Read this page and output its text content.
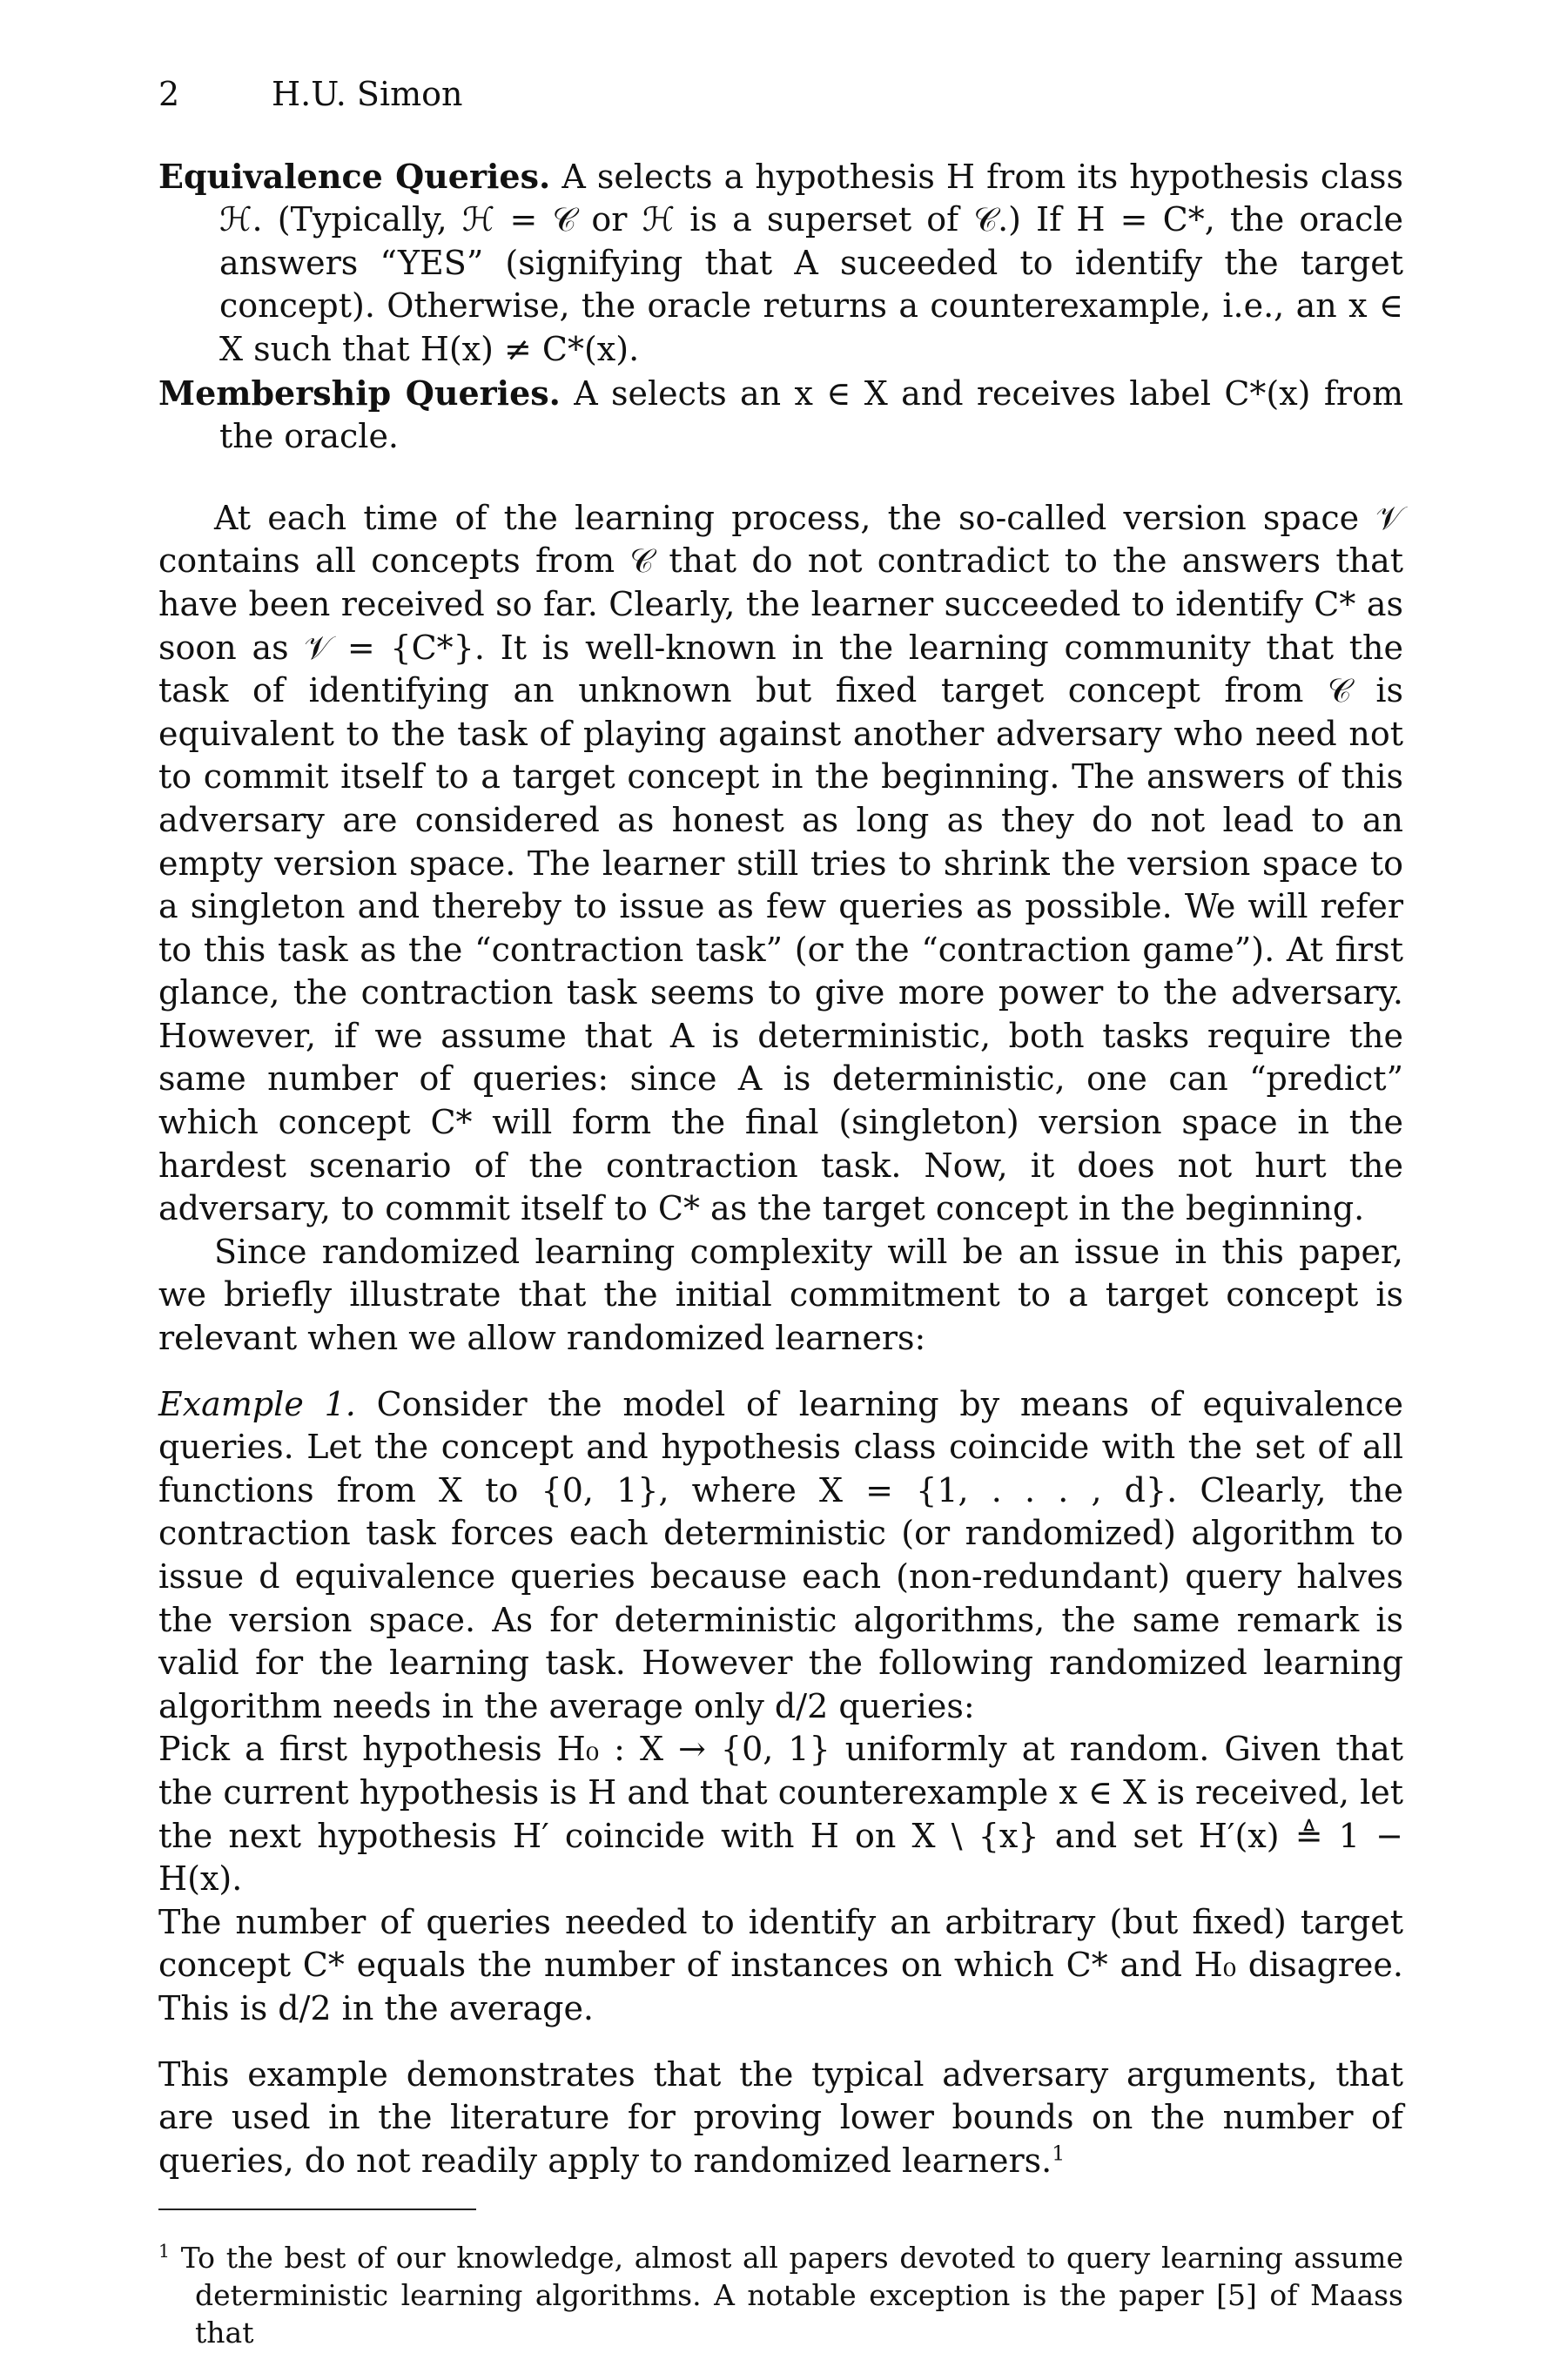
2	H.U. Simon

Equivalence Queries. A selects a hypothesis H from its hypothesis class ℋ. (Typically, ℋ = 𝒞 or ℋ is a superset of 𝒞.) If H = C*, the oracle answers “YES” (signifying that A suceeded to identify the target concept). Otherwise, the oracle returns a counterexample, i.e., an x ∈ X such that H(x) ≠ C*(x).

Membership Queries. A selects an x ∈ X and receives label C*(x) from the oracle.

At each time of the learning process, the so-called version space 𝒱 contains all concepts from 𝒞 that do not contradict to the answers that have been received so far. Clearly, the learner succeeded to identify C* as soon as 𝒱 = {C*}. It is well-known in the learning community that the task of identifying an unknown but fixed target concept from 𝒞 is equivalent to the task of playing against another adversary who need not to commit itself to a target concept in the beginning. The answers of this adversary are considered as honest as long as they do not lead to an empty version space. The learner still tries to shrink the version space to a singleton and thereby to issue as few queries as possible. We will refer to this task as the “contraction task” (or the “contraction game”). At first glance, the contraction task seems to give more power to the adversary. However, if we assume that A is deterministic, both tasks require the same number of queries: since A is deterministic, one can “predict” which concept C* will form the final (singleton) version space in the hardest scenario of the contraction task. Now, it does not hurt the adversary, to commit itself to C* as the target concept in the beginning.

Since randomized learning complexity will be an issue in this paper, we briefly illustrate that the initial commitment to a target concept is relevant when we allow randomized learners:

Example 1. Consider the model of learning by means of equivalence queries. Let the concept and hypothesis class coincide with the set of all functions from X to {0, 1}, where X = {1, . . . , d}. Clearly, the contraction task forces each deterministic (or randomized) algorithm to issue d equivalence queries because each (non-redundant) query halves the version space. As for deterministic algorithms, the same remark is valid for the learning task. However the following randomized learning algorithm needs in the average only d/2 queries:

Pick a first hypothesis H₀ : X → {0, 1} uniformly at random. Given that the current hypothesis is H and that counterexample x ∈ X is received, let the next hypothesis H′ coincide with H on X \ {x} and set H′(x) ≜ 1 − H(x).

The number of queries needed to identify an arbitrary (but fixed) target concept C* equals the number of instances on which C* and H₀ disagree. This is d/2 in the average.

This example demonstrates that the typical adversary arguments, that are used in the literature for proving lower bounds on the number of queries, do not readily apply to randomized learners.$^1$

$^1$ To the best of our knowledge, almost all papers devoted to query learning assume deterministic learning algorithms. A notable exception is the paper [5] of Maass that
